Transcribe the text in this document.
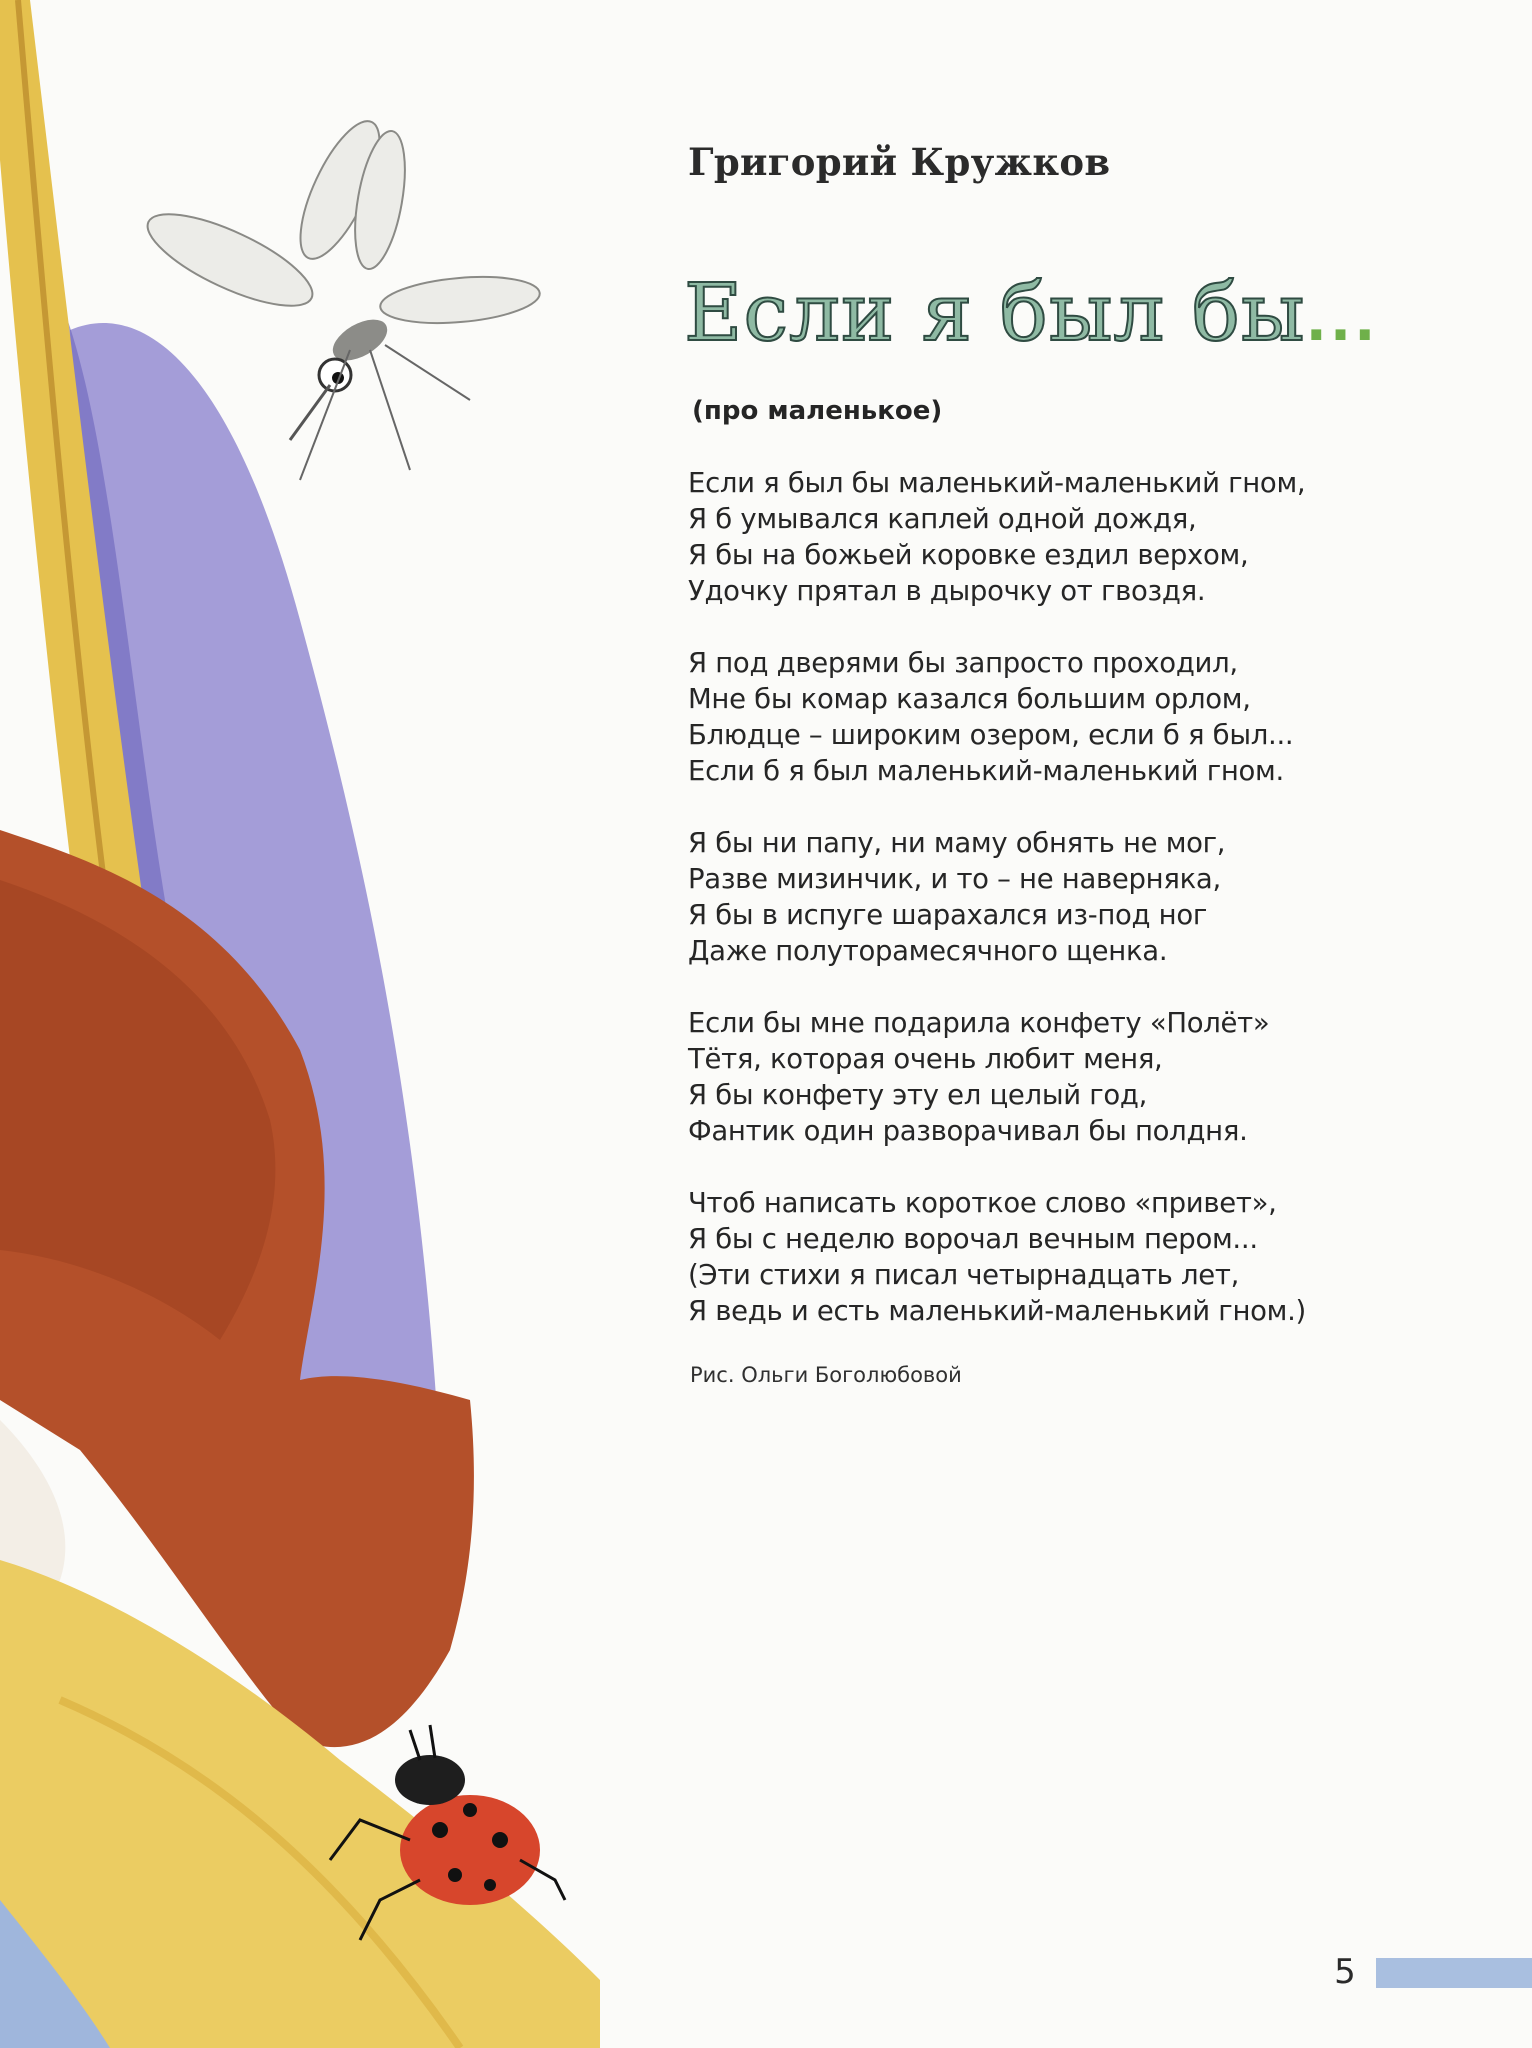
Григорий Кружков
Если я был бы...
(про маленькое)
Если я был бы маленький-маленький гном,
Я б умывался каплей одной дождя,
Я бы на божьей коровке ездил верхом,
Удочку прятал в дырочку от гвоздя.
Я под дверями бы запросто проходил,
Мне бы комар казался большим орлом,
Блюдце – широким озером, если б я был...
Если б я был маленький-маленький гном.
Я бы ни папу, ни маму обнять не мог,
Разве мизинчик, и то – не наверняка,
Я бы в испуге шарахался из-под ног
Даже полуторамесячного щенка.
Если бы мне подарила конфету «Полёт»
Тётя, которая очень любит меня,
Я бы конфету эту ел целый год,
Фантик один разворачивал бы полдня.
Чтоб написать короткое слово «привет»,
Я бы с неделю ворочал вечным пером...
(Эти стихи я писал четырнадцать лет,
Я ведь и есть маленький-маленький гном.)
Рис. Ольги Боголюбовой
5
